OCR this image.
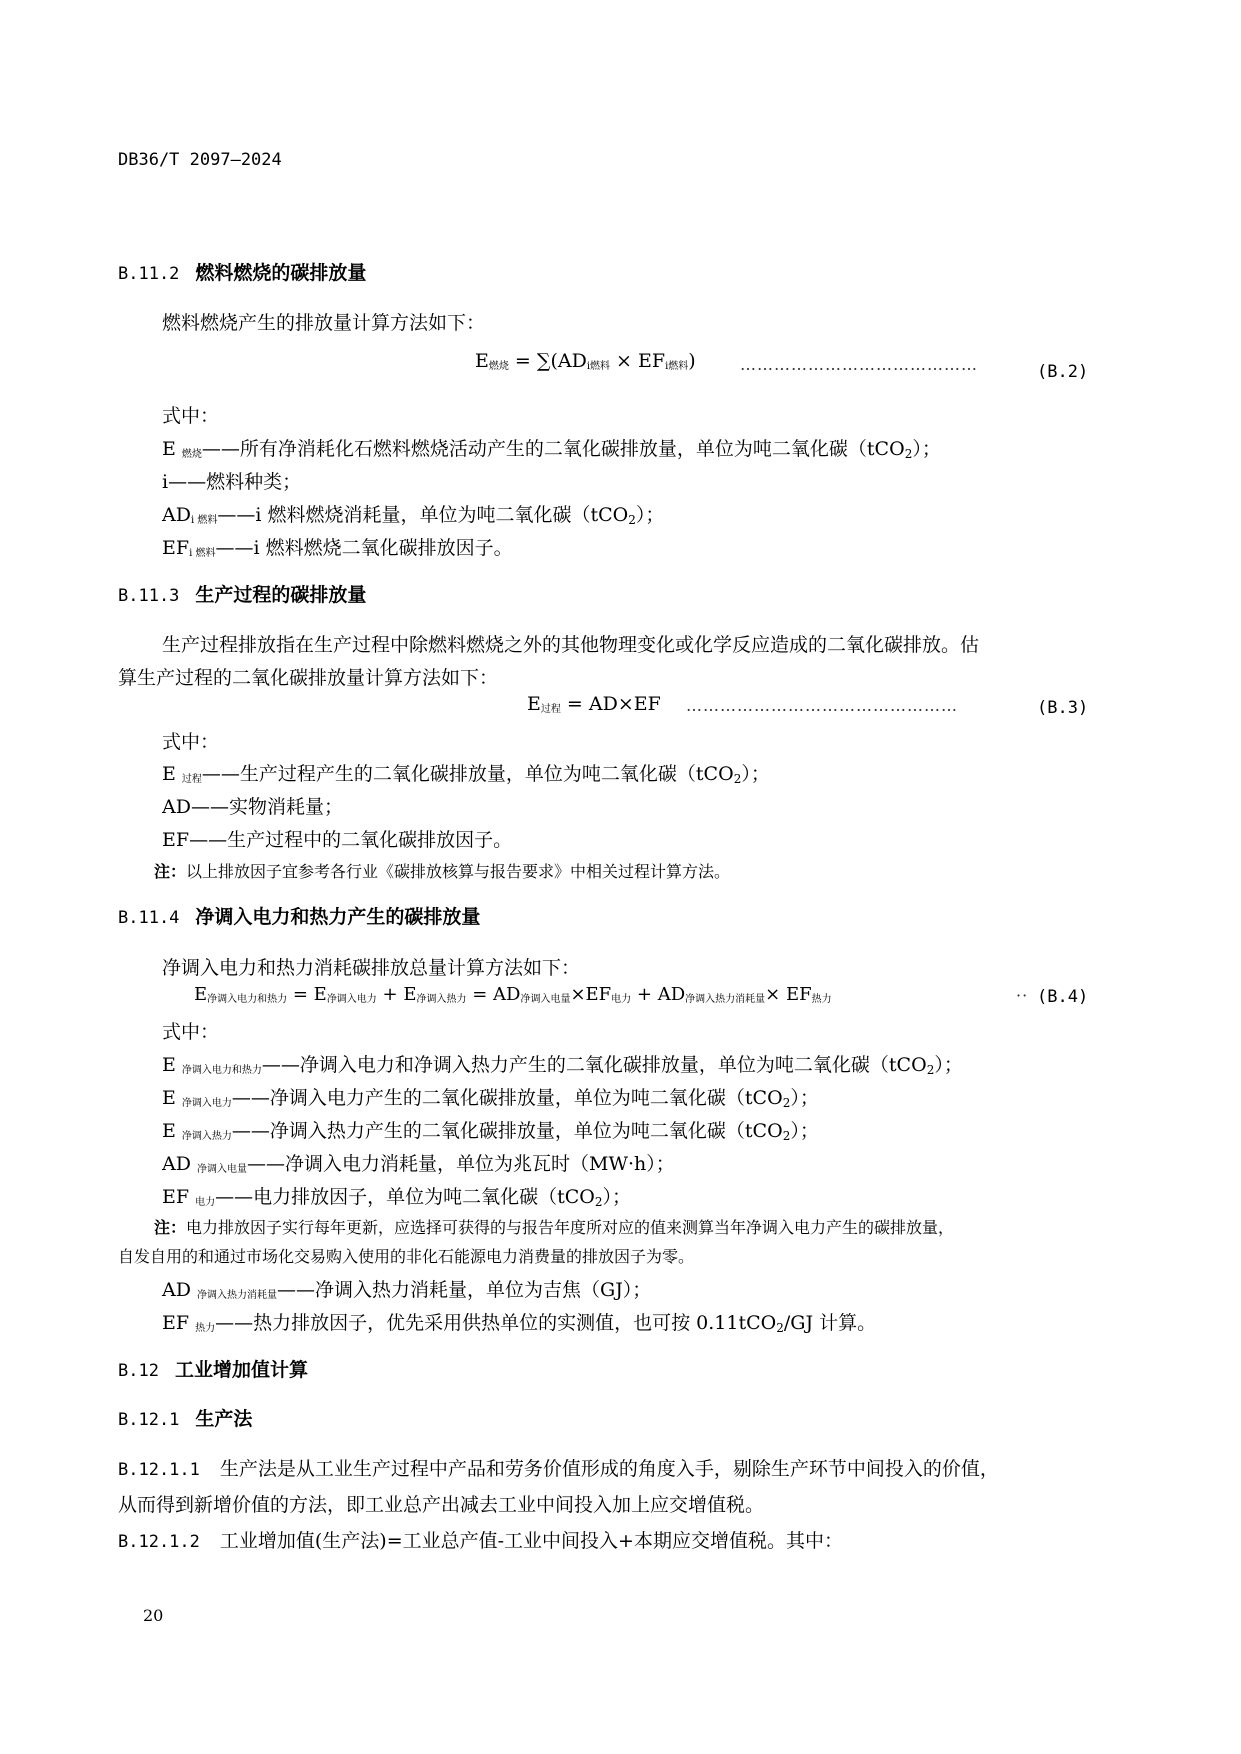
DB36/T 2097—2024
B.11.2 燃料燃烧的碳排放量
燃料燃烧产生的排放量计算方法如下：
$E_{燃烧} = \sum(AD_{i燃料} \times EF_{i燃料})$	……………………………………	(B.2)
式中：
E $_{燃烧}$——所有净消耗化石燃料燃烧活动产生的二氧化碳排放量，单位为吨二氧化碳（tCO$_2$）；
i——燃料种类；
$AD_{i 燃料}——i$ 燃料燃烧消耗量，单位为吨二氧化碳（tCO$_2$）；
$EF_{i 燃料}——i$ 燃料燃烧二氧化碳排放因子。
B.11.3 生产过程的碳排放量
生产过程排放指在生产过程中除燃料燃烧之外的其他物理变化或化学反应造成的二氧化碳排放。估
算生产过程的二氧化碳排放量计算方法如下：
$E_{过程} = AD\times EF$ …………………………………………	(B.3)
式中：
E $_{过程}$——生产过程产生的二氧化碳排放量，单位为吨二氧化碳（tCO$_2$）；
AD——实物消耗量；
EF——生产过程中的二氧化碳排放因子。
注：以上排放因子宜参考各行业《碳排放核算与报告要求》中相关过程计算方法。
B.11.4 净调入电力和热力产生的碳排放量
净调入电力和热力消耗碳排放总量计算方法如下：
$E_{净调入电力和热力} = E_{净调入电力} + E_{净调入热力} = AD_{净调入电量}\times EF_{电力} + AD_{净调入热力消耗量}\times EF_{热力}$	·· (B.4)
式中：
E $_{净调入电力和热力}$——净调入电力和净调入热力产生的二氧化碳排放量，单位为吨二氧化碳（tCO$_2$）；
E $_{净调入电力}$——净调入电力产生的二氧化碳排放量，单位为吨二氧化碳（tCO$_2$）；
E $_{净调入热力}$——净调入热力产生的二氧化碳排放量，单位为吨二氧化碳（tCO$_2$）；
AD $_{净调入电量}$——净调入电力消耗量，单位为兆瓦时（MW·h）；
EF $_{电力}$——电力排放因子，单位为吨二氧化碳（tCO$_2$）；
注：电力排放因子实行每年更新，应选择可获得的与报告年度所对应的值来测算当年净调入电力产生的碳排放量，
自发自用的和通过市场化交易购入使用的非化石能源电力消费量的排放因子为零。
AD $_{净调入热力消耗量}$——净调入热力消耗量，单位为吉焦（GJ）；
EF $_{热力}$——热力排放因子，优先采用供热单位的实测值，也可按 0.11tCO$_2$/GJ 计算。
B.12 工业增加值计算
B.12.1 生产法
B.12.1.1 生产法是从工业生产过程中产品和劳务价值形成的角度入手，剔除生产环节中间投入的价值，
从而得到新增价值的方法，即工业总产出减去工业中间投入加上应交增值税。
B.12.1.2 工业增加值(生产法)=工业总产值-工业中间投入+本期应交增值税。其中：
20
